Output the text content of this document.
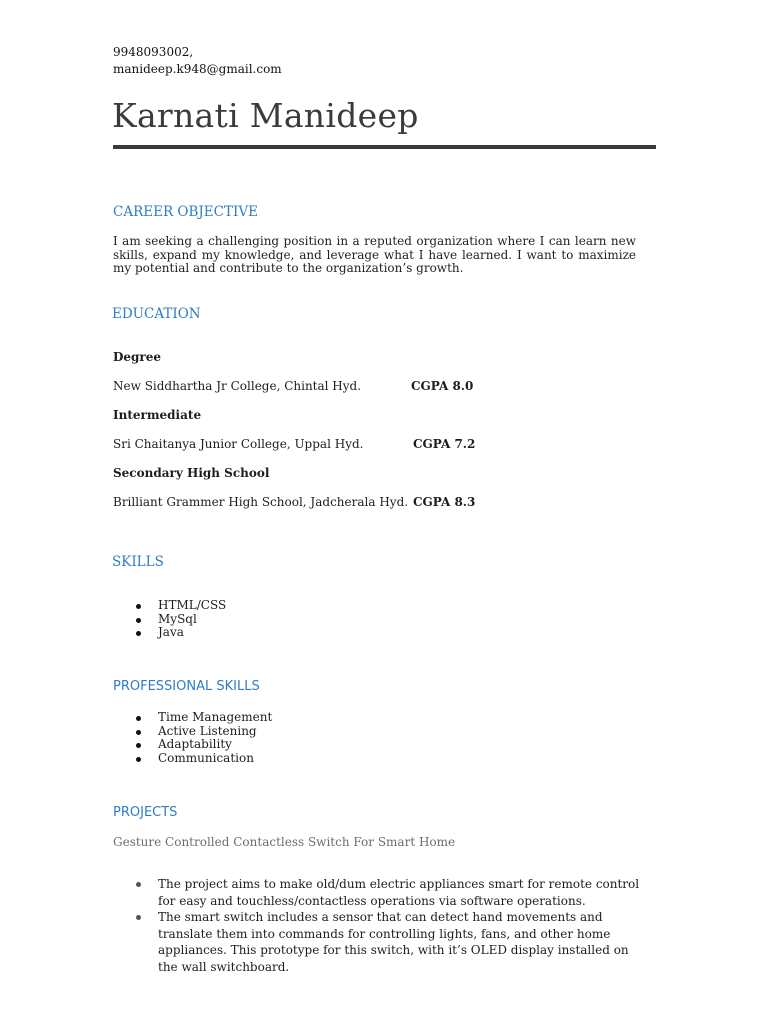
9948093002,
manideep.k948@gmail.com
Karnati Manideep
CAREER OBJECTIVE
I am seeking a challenging position in a reputed organization where I can learn new skills, expand my knowledge, and leverage what I have learned. I want to maximize my potential and contribute to the organization’s growth.
EDUCATION
Degree
New Siddhartha Jr College, Chintal Hyd.	CGPA 8.0
Intermediate
Sri Chaitanya Junior College, Uppal Hyd.	CGPA 7.2
Secondary High School
Brilliant Grammer High School, Jadcherala Hyd. CGPA 8.3
SKILLS
HTML/CSS
MySql
Java
PROFESSIONAL SKILLS
Time Management
Active Listening
Adaptability
Communication
PROJECTS
Gesture Controlled Contactless Switch For Smart Home
The project aims to make old/dum electric appliances smart for remote control for easy and touchless/contactless operations via software operations.
The smart switch includes a sensor that can detect hand movements and translate them into commands for controlling lights, fans, and other home appliances. This prototype for this switch, with it’s OLED display installed on the wall switchboard.
